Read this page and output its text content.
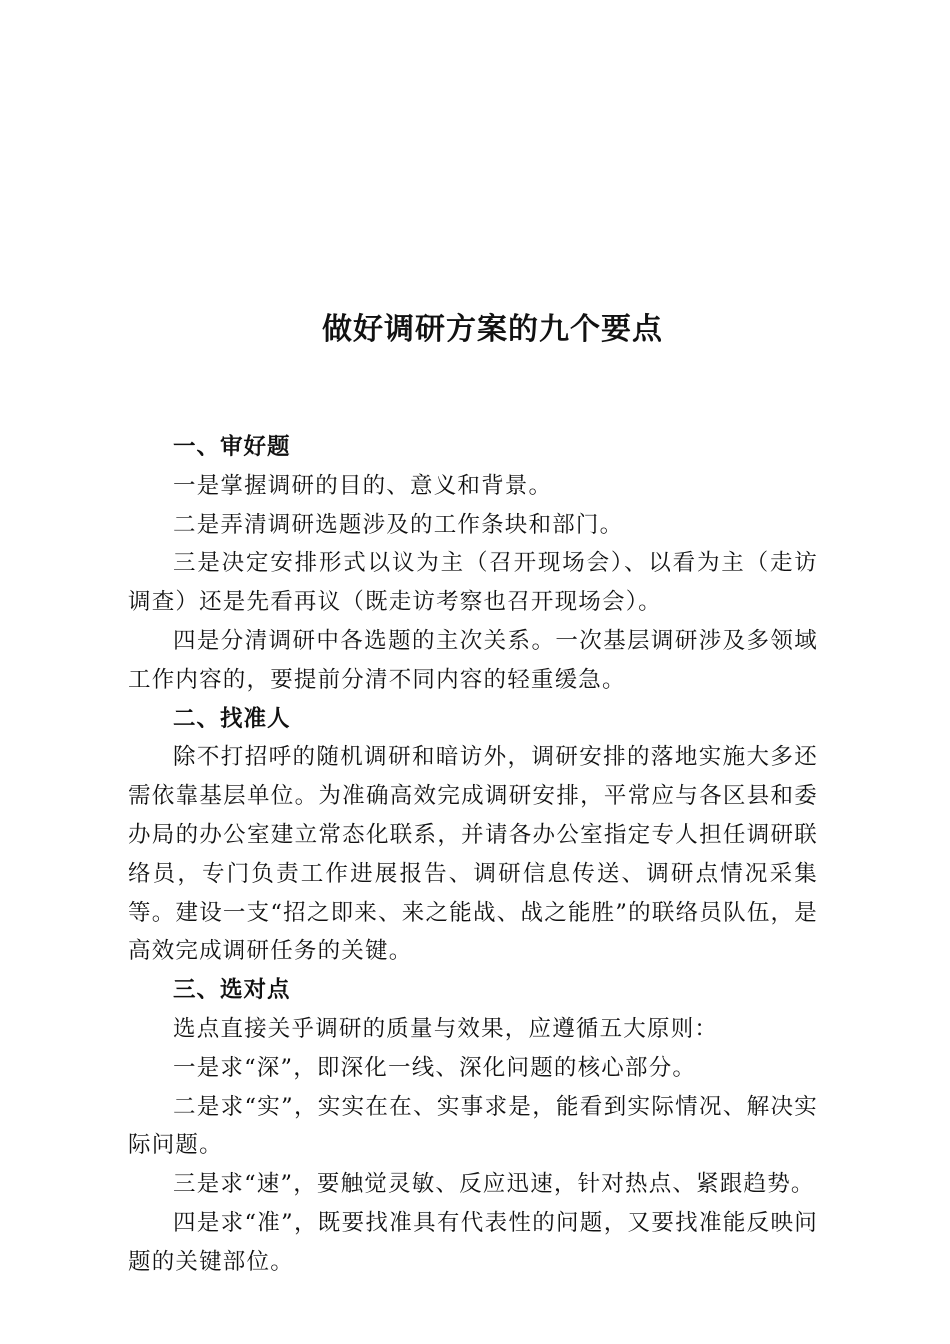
做好调研方案的九个要点
一、审好题

一是掌握调研的目的、意义和背景。

二是弄清调研选题涉及的工作条块和部门。

三是决定安排形式以议为主（召开现场会）、以看为主（走访调查）还是先看再议（既走访考察也召开现场会）。

四是分清调研中各选题的主次关系。一次基层调研涉及多领域工作内容的，要提前分清不同内容的轻重缓急。

二、找准人

除不打招呼的随机调研和暗访外，调研安排的落地实施大多还需依靠基层单位。为准确高效完成调研安排，平常应与各区县和委办局的办公室建立常态化联系，并请各办公室指定专人担任调研联络员，专门负责工作进展报告、调研信息传送、调研点情况采集等。建设一支“招之即来、来之能战、战之能胜”的联络员队伍，是高效完成调研任务的关键。

三、选对点

选点直接关乎调研的质量与效果，应遵循五大原则：

一是求“深”，即深化一线、深化问题的核心部分。

二是求“实”，实实在在、实事求是，能看到实际情况、解决实际问题。

三是求“速”，要触觉灵敏、反应迅速，针对热点、紧跟趋势。

四是求“准”，既要找准具有代表性的问题，又要找准能反映问题的关键部位。
